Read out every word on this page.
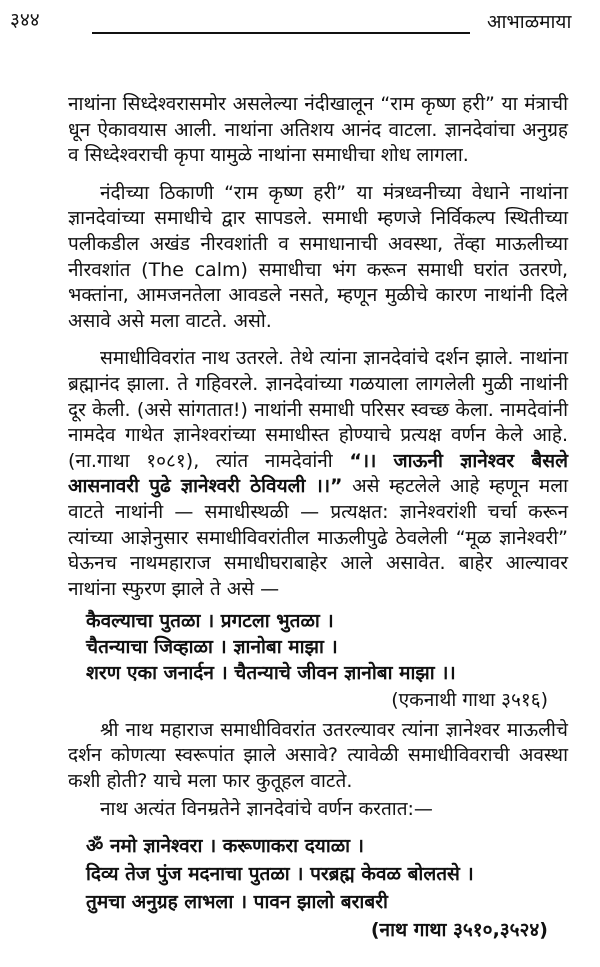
३४४	आभाळमाया

नाथांना सिध्देश्वरासमोर असलेल्या नंदीखालून “राम कृष्ण हरी” या मंत्राची धून ऐकावयास आली. नाथांना अतिशय आनंद वाटला. ज्ञानदेवांचा अनुग्रह व सिध्देश्वराची कृपा यामुळे नाथांना समाधीचा शोध लागला.

नंदीच्या ठिकाणी “राम कृष्ण हरी” या मंत्रध्वनीच्या वेधाने नाथांना ज्ञानदेवांच्या समाधीचे द्वार सापडले. समाधी म्हणजे निर्विकल्प स्थितीच्या पलीकडील अखंड नीरवशांती व समाधानाची अवस्था, तेंव्हा माऊलीच्या नीरवशांत (The calm) समाधीचा भंग करून समाधी घरांत उतरणे, भक्तांना, आमजनतेला आवडले नसते, म्हणून मुळीचे कारण नाथांनी दिले असावे असे मला वाटते. असो.

समाधीविवरांत नाथ उतरले. तेथे त्यांना ज्ञानदेवांचे दर्शन झाले. नाथांना ब्रह्मानंद झाला. ते गहिवरले. ज्ञानदेवांच्या गळयाला लागलेली मुळी नाथांनी दूर केली. (असे सांगतात!) नाथांनी समाधी परिसर स्वच्छ केला. नामदेवांनी नामदेव गाथेत ज्ञानेश्वरांच्या समाधीस्त होण्याचे प्रत्यक्ष वर्णन केले आहे. (ना.गाथा १०८१), त्यांत नामदेवांनी “।। जाऊनी ज्ञानेश्वर बैसले आसनावरी पुढे ज्ञानेश्वरी ठेवियली ।।” असे म्हटलेले आहे म्हणून मला वाटते नाथांनी — समाधीस्थळी — प्रत्यक्षत: ज्ञानेश्वरांशी चर्चा करून त्यांच्या आज्ञेनुसार समाधीविवरांतील माऊलीपुढे ठेवलेली “मूळ ज्ञानेश्वरी” घेऊनच नाथमहाराज समाधीघराबाहेर आले असावेत. बाहेर आल्यावर नाथांना स्फुरण झाले ते असे —

कैवल्याचा पुतळा । प्रगटला भुतळा ।

चैतन्याचा जिव्हाळा । ज्ञानोबा माझा ।

शरण एका जनार्दन । चैतन्याचे जीवन ज्ञानोबा माझा ।।

(एकनाथी गाथा ३५१६)

श्री नाथ महाराज समाधीविवरांत उतरल्यावर त्यांना ज्ञानेश्वर माऊलीचे दर्शन कोणत्या स्वरूपांत झाले असावे? त्यावेळी समाधीविवराची अवस्था कशी होती? याचे मला फार कुतूहल वाटते.

नाथ अत्यंत विनम्रतेने ज्ञानदेवांचे वर्णन करतात:—

ॐ नमो ज्ञानेश्वरा । करूणाकरा दयाळा ।

दिव्य तेज पुंज मदनाचा पुतळा । परब्रह्म केवळ बोलतसे ।

तुमचा अनुग्रह लाभला । पावन झालो बराबरी

(नाथ गाथा ३५१०,३५२४)
